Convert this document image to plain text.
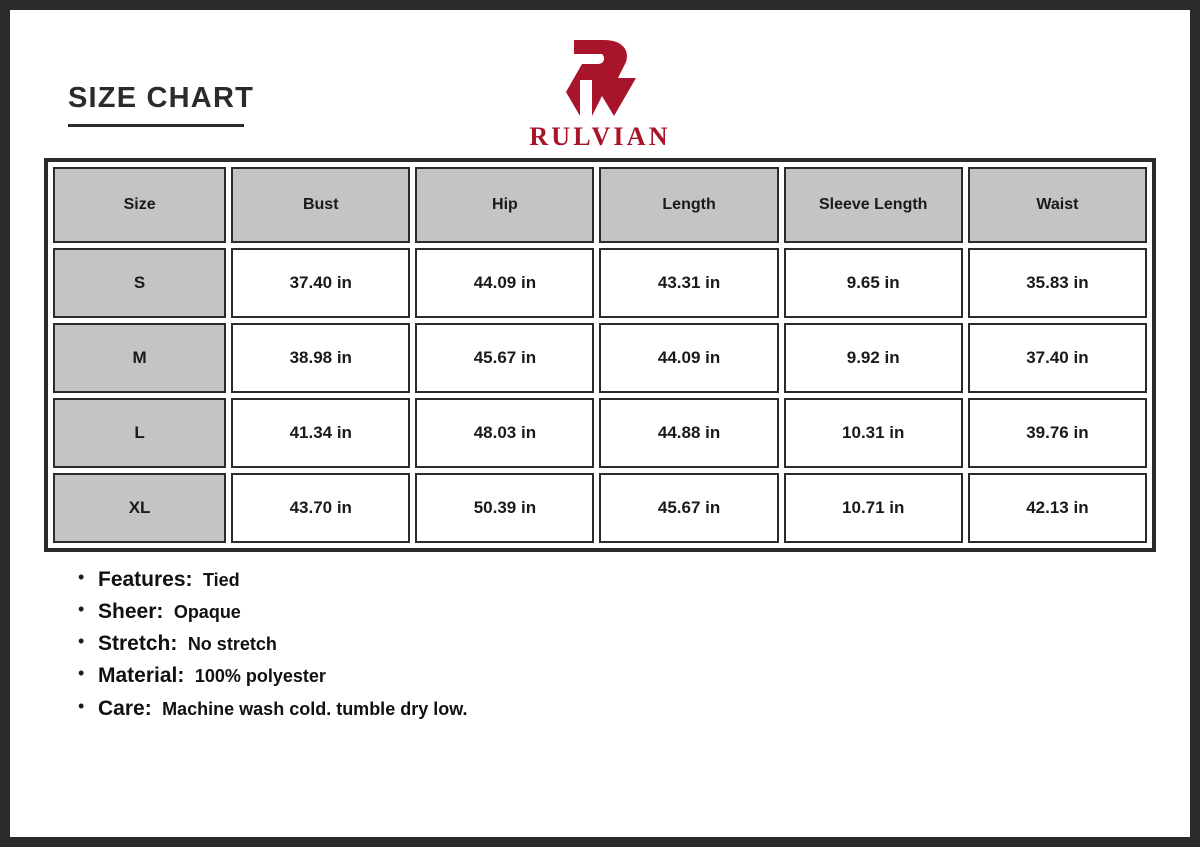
SIZE CHART
RULVIAN
Size	Bust	Hip	Length	Sleeve Length	Waist
S	37.40 in	44.09 in	43.31 in	9.65 in	35.83 in
M	38.98 in	45.67 in	44.09 in	9.92 in	37.40 in
L	41.34 in	48.03 in	44.88 in	10.31 in	39.76 in
XL	43.70 in	50.39 in	45.67 in	10.71 in	42.13 in
• Features: Tied
• Sheer: Opaque
• Stretch: No stretch
• Material: 100% polyester
• Care: Machine wash cold. tumble dry low.
